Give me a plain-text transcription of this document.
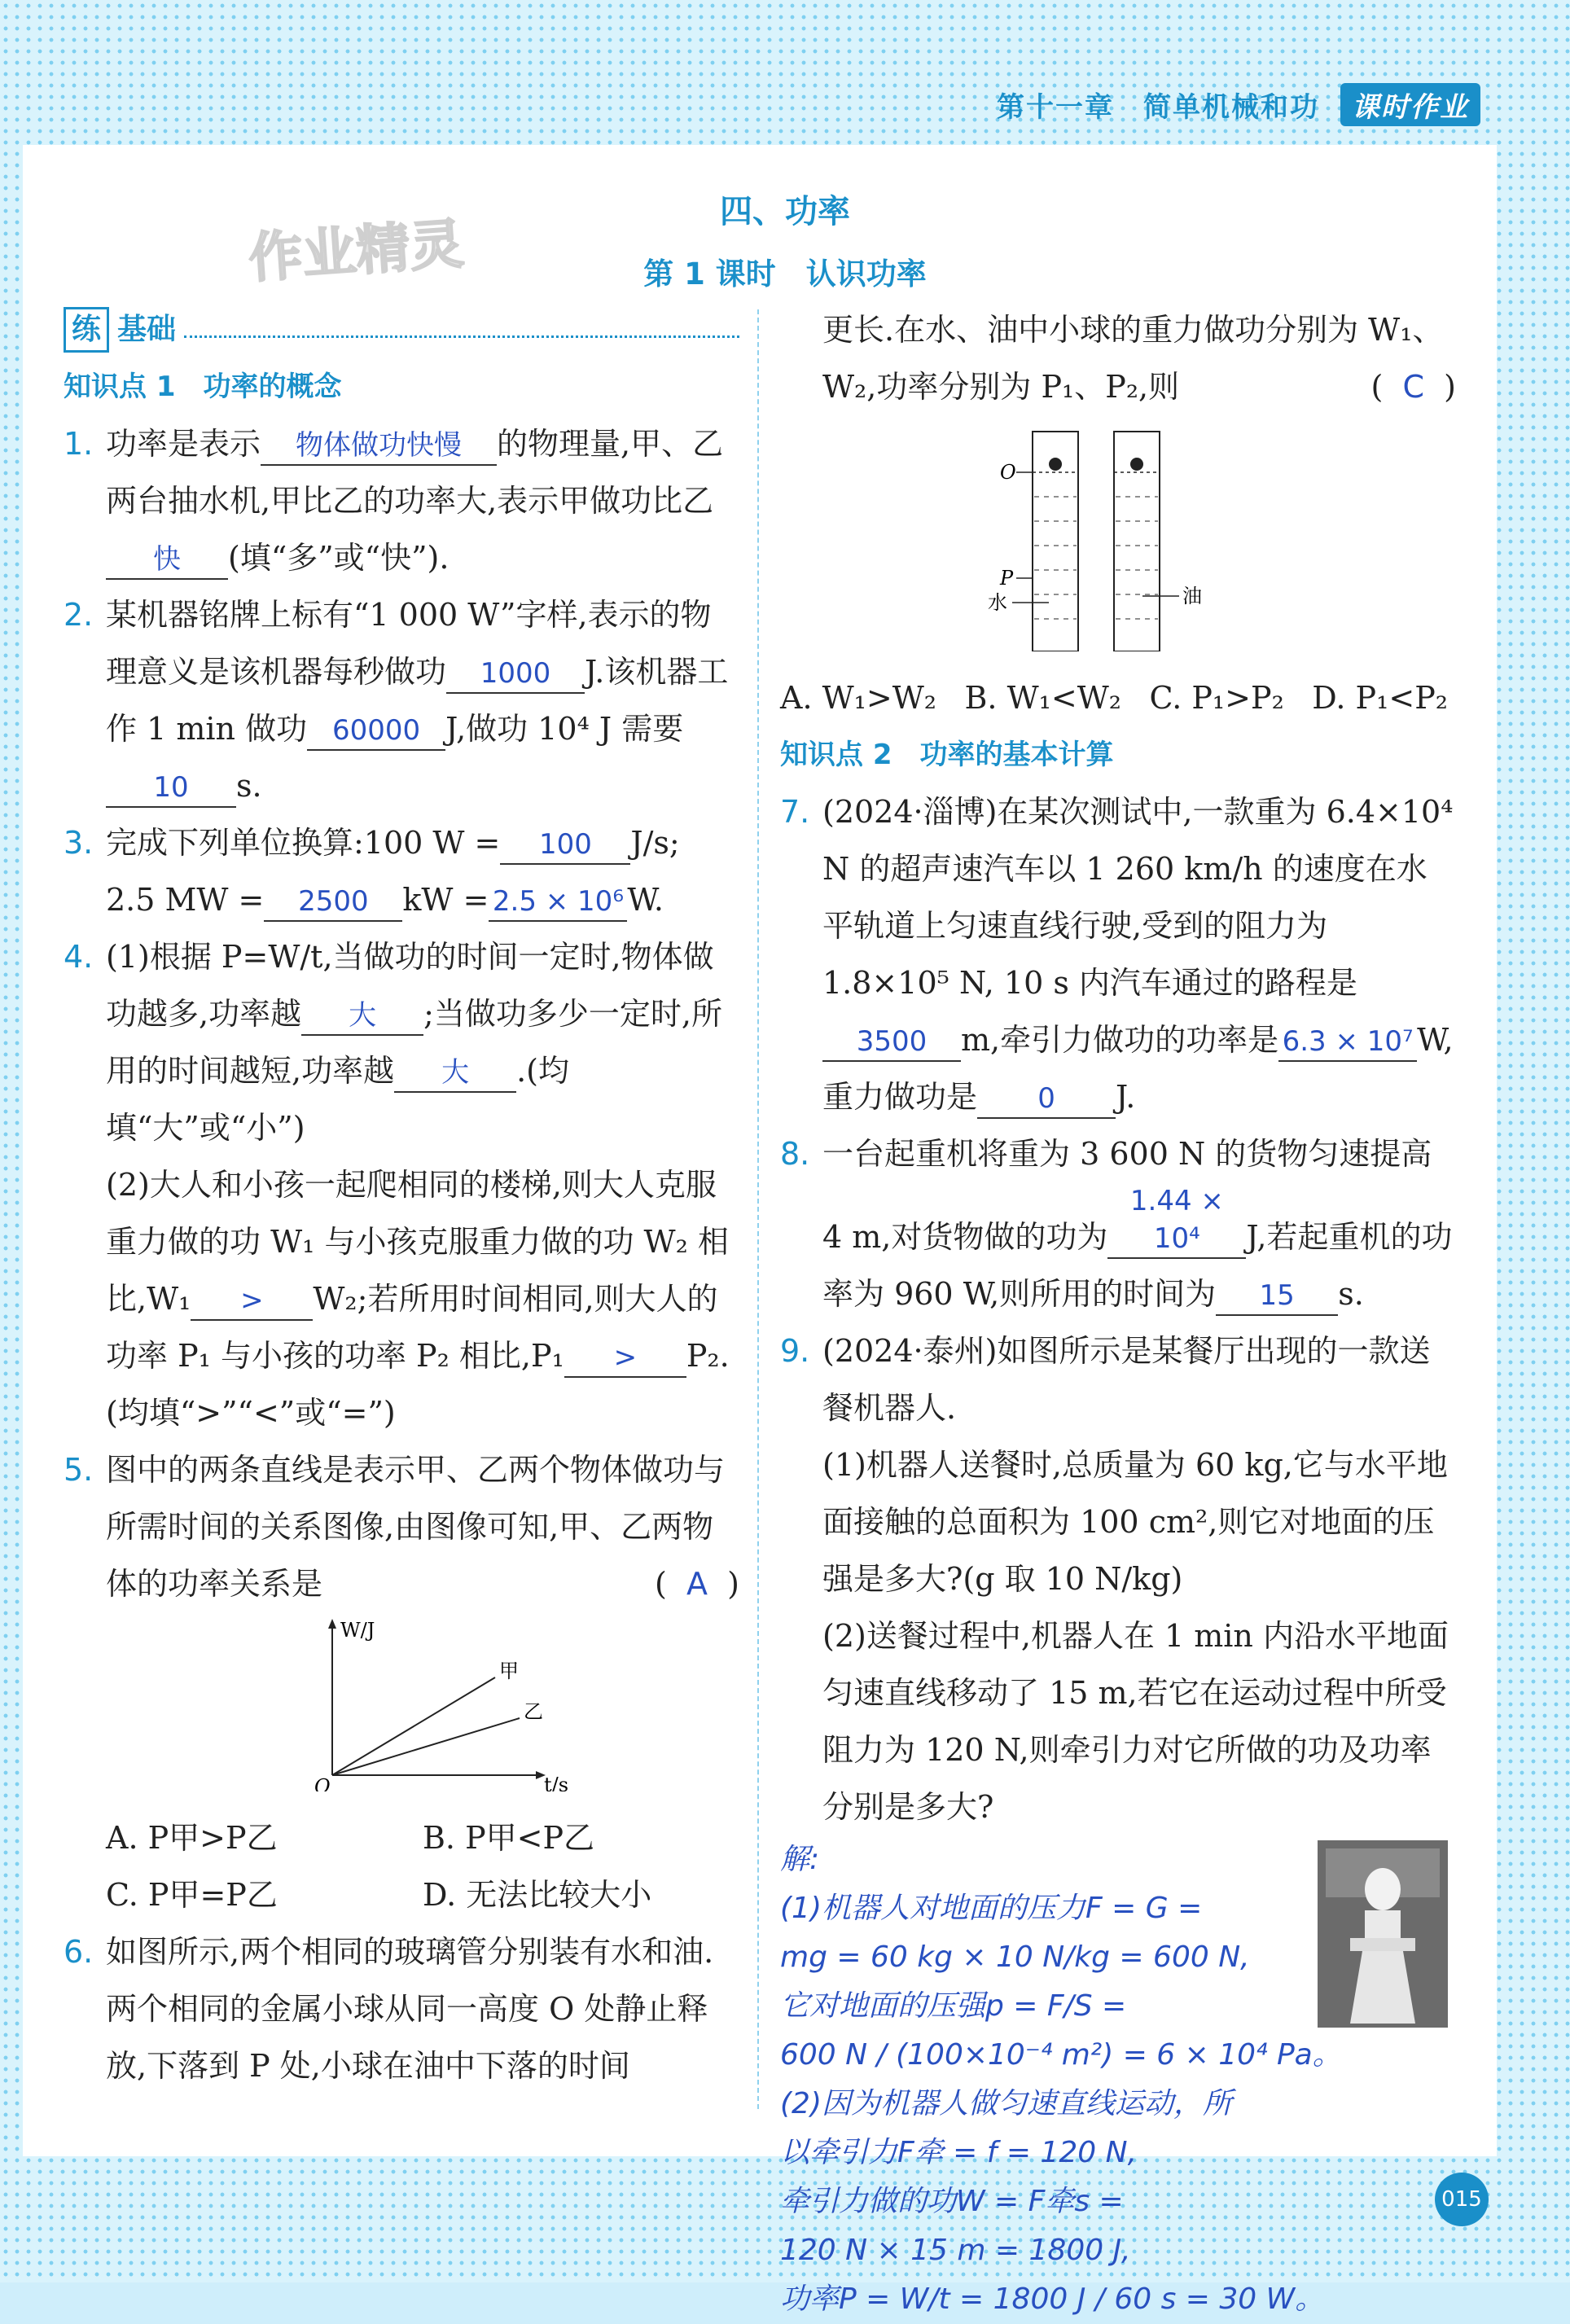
第十一章 简单机械和功 课时作业
作业精灵
四、功率
第 1 课时　认识功率
练 基础
知识点 1　功率的概念
1. 功率是表示 物体做功快慢 的物理量,甲、乙两台抽水机,甲比乙的功率大,表示甲做功比乙快 (填“多”或“快”).
2. 某机器铭牌上标有“1 000 W”字样,表示的物理意义是该机器每秒做功 1000 J.该机器工作 1 min 做功 60000 J,做功 10⁴ J 需要10 s.
3. 完成下列单位换算:100 W = 100 J/s;
2.5 MW = 2500 kW = 2.5 × 10⁶ W.
4. (1)根据 P=W/t,当做功的时间一定时,物体做功越多,功率越 大 ;当做功多少一定时,所用的时间越短,功率越 大 .(均填“大”或“小”)
(2)大人和小孩一起爬相同的楼梯,则大人克服重力做的功 W₁ 与小孩克服重力做的功 W₂ 相比,W₁ > W₂;若所用时间相同,则大人的功率 P₁ 与小孩的功率 P₂ 相比,P₁ > P₂.(均填“>”“<”或“=”)
5. 图中的两条直线是表示甲、乙两个物体做功与所需时间的关系图像,由图像可知,甲、乙两物体的功率关系是	(  A  )
W/J
t/s
O
甲
乙
A. P甲>P乙	B. P甲<P乙
C. P甲=P乙	D. 无法比较大小
6. 如图所示,两个相同的玻璃管分别装有水和油.两个相同的金属小球从同一高度 O 处静止释放,下落到 P 处,小球在油中下落的时间
更长.在水、油中小球的重力做功分别为 W₁、W₂,功率分别为 P₁、P₂,则	(  C  )
O
P
水	油
A. W₁>W₂ B. W₁<W₂ C. P₁>P₂ D. P₁<P₂
知识点 2　功率的基本计算
7. (2024·淄博)在某次测试中,一款重为 6.4×10⁴ N 的超声速汽车以 1 260 km/h 的速度在水平轨道上匀速直线行驶,受到的阻力为 1.8×10⁵ N, 10 s 内汽车通过的路程是3500 m,牵引力做功的功率是 6.3 × 10⁷ W,重力做功是 0 J.
8. 一台起重机将重为 3 600 N 的货物匀速提高 4 m,对货物做的功为1.44 × 10⁴ J,若起重机的功率为 960 W,则所用的时间为 15 s.
9. (2024·泰州)如图所示是某餐厅出现的一款送餐机器人.
(1)机器人送餐时,总质量为 60 kg,它与水平地面接触的总面积为 100 cm²,则它对地面的压强是多大?(g 取 10 N/kg)
(2)送餐过程中,机器人在 1 min 内沿水平地面匀速直线移动了 15 m,若它在运动过程中所受阻力为 120 N,则牵引力对它所做的功及功率分别是多大?
解:
(1)机器人对地面的压力F = G =
mg = 60 kg × 10 N/kg = 600 N,
它对地面的压强p = F/S =
600 N / (100×10⁻⁴ m²) = 6 × 10⁴ Pa。
(2)因为机器人做匀速直线运动，所
以牵引力F牵 = f = 120 N,
牵引力做的功W = F牵s =
120 N × 15 m = 1800 J,
功率P = W/t = 1800 J / 60 s = 30 W。
015
